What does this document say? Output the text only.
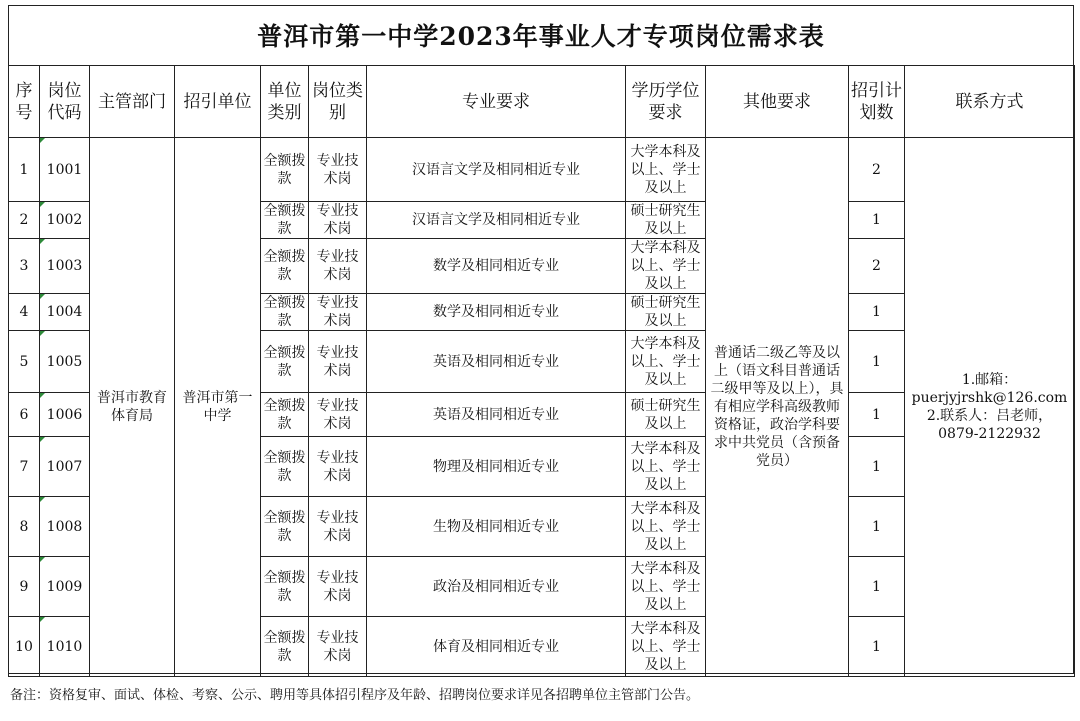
普洱市第一中学2023年事业人才专项岗位需求表
序号	岗位代码	主管部门	招引单位	单位类别	岗位类别	专业要求	学历学位要求	其他要求	招引计划数	联系方式
1	1001	普洱市教育体育局	普洱市第一中学	全额拨款	专业技术岗	汉语言文学及相同相近专业	大学本科及以上、学士及以上	普通话二级乙等及以上（语文科目普通话二级甲等及以上），具有相应学科高级教师资格证，政治学科要求中共党员（含预备党员）	2	1.邮箱：
puerjyjrshk@126.com
2.联系人：吕老师，
0879-2122932

2	1002			全额拨款	专业技术岗	汉语言文学及相同相近专业	硕士研究生及以上		1	
3	1003			全额拨款	专业技术岗	数学及相同相近专业	大学本科及以上、学士及以上		2	
4	1004			全额拨款	专业技术岗	数学及相同相近专业	硕士研究生及以上		1	
5	1005			全额拨款	专业技术岗	英语及相同相近专业	大学本科及以上、学士及以上		1	
6	1006			全额拨款	专业技术岗	英语及相同相近专业	硕士研究生及以上		1	
7	1007			全额拨款	专业技术岗	物理及相同相近专业	大学本科及以上、学士及以上		1	
8	1008			全额拨款	专业技术岗	生物及相同相近专业	大学本科及以上、学士及以上		1	
9	1009			全额拨款	专业技术岗	政治及相同相近专业	大学本科及以上、学士及以上		1	
10	1010			全额拨款	专业技术岗	体育及相同相近专业	大学本科及以上、学士及以上		1	
备注：资格复审、面试、体检、考察、公示、聘用等具体招引程序及年龄、招聘岗位要求详见各招聘单位主管部门公告。
